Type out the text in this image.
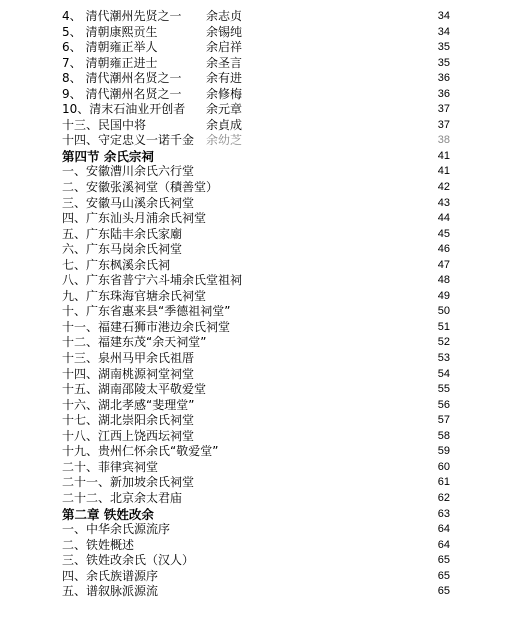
4、 清代潮州先贤之一 余志贞	34
5、 清朝康熙贡生	余锡纯	34
6、 清朝雍正举人	余启祥	35
7、 清朝雍正进士	余圣言	35
8、 清代潮州名贤之一 余有进	36
9、 清代潮州名贤之一 余修梅	36
10、清末石油业开创者 余元章	37
十三、民国中将	余貞成	37
十四、守定忠义一诺千金 余幼芝	38
第四节 余氏宗祠	41
一、安徽漕川余氏六行堂	41
二、安徽张溪祠堂（積善堂）	42
三、安徽马山溪余氏祠堂	43
四、广东汕头月浦余氏祠堂	44
五、广东陆丰余氏家廟	45
六、广东马岗余氏祠堂	46
七、广东枫溪余氏祠	47
八、广东省普宁六斗埔余氏堂祖祠	48
九、广东珠海官塘余氏祠堂	49
十、广东省惠来县“季德祖祠堂”	50
十一、福建石狮市港边余氏祠堂	51
十二、福建东茂“余天祠堂”	52
十三、泉州马甲余氏祖厝	53
十四、湖南桃源祠堂祠堂	54
十五、湖南邵陵太平敬爱堂	55
十六、湖北孝感“斐理堂”	56
十七、湖北崇阳余氏祠堂	57
十八、江西上饶西坛祠堂	58
十九、贵州仁怀余氏“敬爱堂”	59
二十、菲律宾祠堂	60
二十一、新加坡余氏祠堂	61
二十二、北京余太君庙	62
第二章 铁姓改余	63
一、中华余氏源流序	64
二、铁姓概述	64
三、铁姓改余氏（汉人）	65
四、余氏族谱源序	65
五、谱叙脉派源流	65
